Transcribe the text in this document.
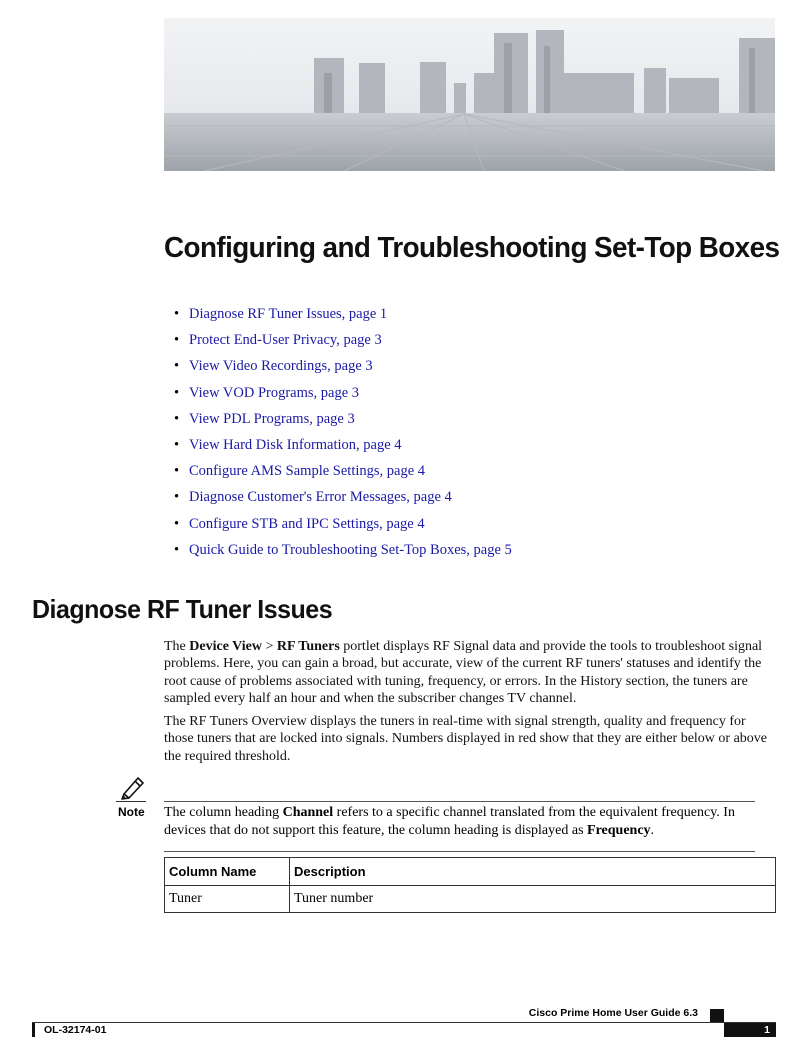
Configuring and Troubleshooting Set-Top Boxes
• Diagnose RF Tuner Issues, page 1
• Protect End-User Privacy, page 3
• View Video Recordings, page 3
• View VOD Programs, page 3
• View PDL Programs, page 3
• View Hard Disk Information, page 4
• Configure AMS Sample Settings, page 4
• Diagnose Customer's Error Messages, page 4
• Configure STB and IPC Settings, page 4
• Quick Guide to Troubleshooting Set-Top Boxes, page 5
Diagnose RF Tuner Issues

The Device View > RF Tuners portlet displays RF Signal data and provide the tools to troubleshoot signal problems. Here, you can gain a broad, but accurate, view of the current RF tuners' statuses and identify the root cause of problems associated with tuning, frequency, or errors. In the History section, the tuners are sampled every half an hour and when the subscriber changes TV channel.

The RF Tuners Overview displays the tuners in real-time with signal strength, quality and frequency for those tuners that are locked into signals. Numbers displayed in red show that they are either below or above the required threshold.

Note The column heading Channel refers to a specific channel translated from the equivalent frequency. In devices that do not support this feature, the column heading is displayed as Frequency.

Column Name	Description
Tuner	Tuner number
Cisco Prime Home User Guide 6.3
OL-32174-01	1
